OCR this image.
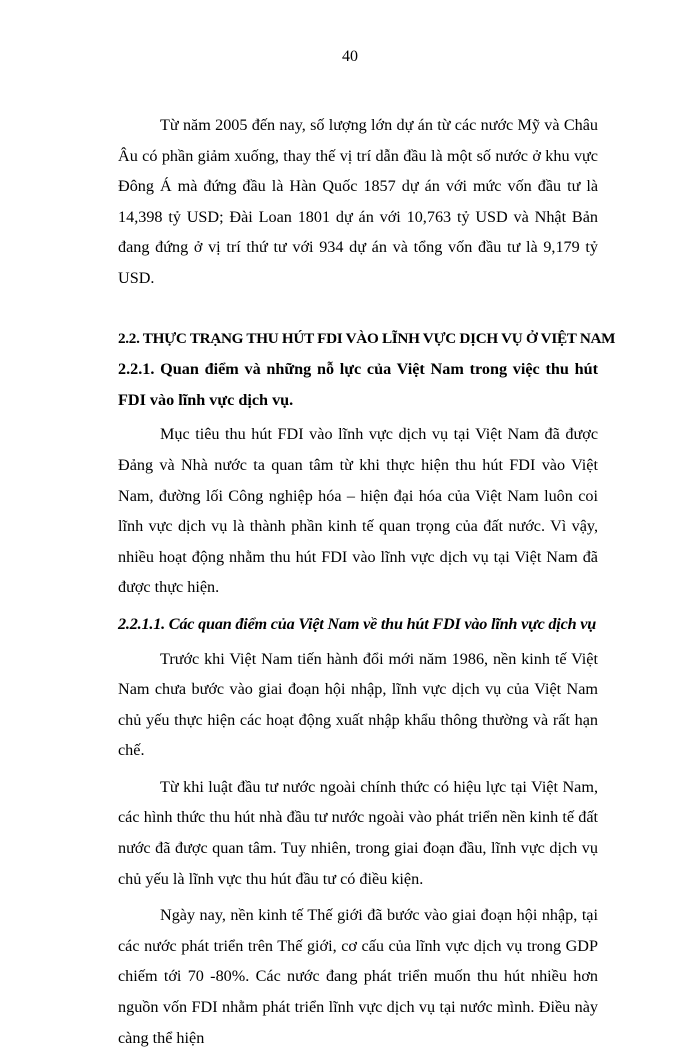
40

Từ năm 2005 đến nay, số lượng lớn dự án từ các nước Mỹ và Châu Âu có phần giảm xuống, thay thế vị trí dẫn đầu là một số nước ở khu vực Đông Á mà đứng đầu là Hàn Quốc 1857 dự án với mức vốn đầu tư là 14,398 tỷ USD; Đài Loan 1801 dự án với 10,763 tỷ USD và Nhật Bản đang đứng ở vị trí thứ tư với 934 dự án và tổng vốn đầu tư là 9,179 tỷ USD.

2.2. THỰC TRẠNG THU HÚT FDI VÀO LĨNH VỰC DỊCH VỤ Ở VIỆT NAM

2.2.1. Quan điểm và những nỗ lực của Việt Nam trong việc thu hút FDI vào lĩnh vực dịch vụ.

Mục tiêu thu hút FDI vào lĩnh vực dịch vụ tại Việt Nam đã được Đảng và Nhà nước ta quan tâm từ khi thực hiện thu hút FDI vào Việt Nam, đường lối Công nghiệp hóa – hiện đại hóa của Việt Nam luôn coi lĩnh vực dịch vụ là thành phần kinh tế quan trọng của đất nước. Vì vậy, nhiều hoạt động nhằm thu hút FDI vào lĩnh vực dịch vụ tại Việt Nam đã được thực hiện.

2.2.1.1. Các quan điểm của Việt Nam về thu hút FDI vào lĩnh vực dịch vụ

Trước khi Việt Nam tiến hành đổi mới năm 1986, nền kinh tế Việt Nam chưa bước vào giai đoạn hội nhập, lĩnh vực dịch vụ của Việt Nam chủ yếu thực hiện các hoạt động xuất nhập khẩu thông thường và rất hạn chế.

Từ khi luật đầu tư nước ngoài chính thức có hiệu lực tại Việt Nam, các hình thức thu hút nhà đầu tư nước ngoài vào phát triển nền kinh tế đất nước đã được quan tâm. Tuy nhiên, trong giai đoạn đầu, lĩnh vực dịch vụ chủ yếu là lĩnh vực thu hút đầu tư có điều kiện.

Ngày nay, nền kinh tế Thế giới đã bước vào giai đoạn hội nhập, tại các nước phát triển trên Thế giới, cơ cấu của lĩnh vực dịch vụ trong GDP chiếm tới 70 -80%. Các nước đang phát triển muốn thu hút nhiều hơn nguồn vốn FDI nhằm phát triển lĩnh vực dịch vụ tại nước mình. Điều này càng thể hiện
